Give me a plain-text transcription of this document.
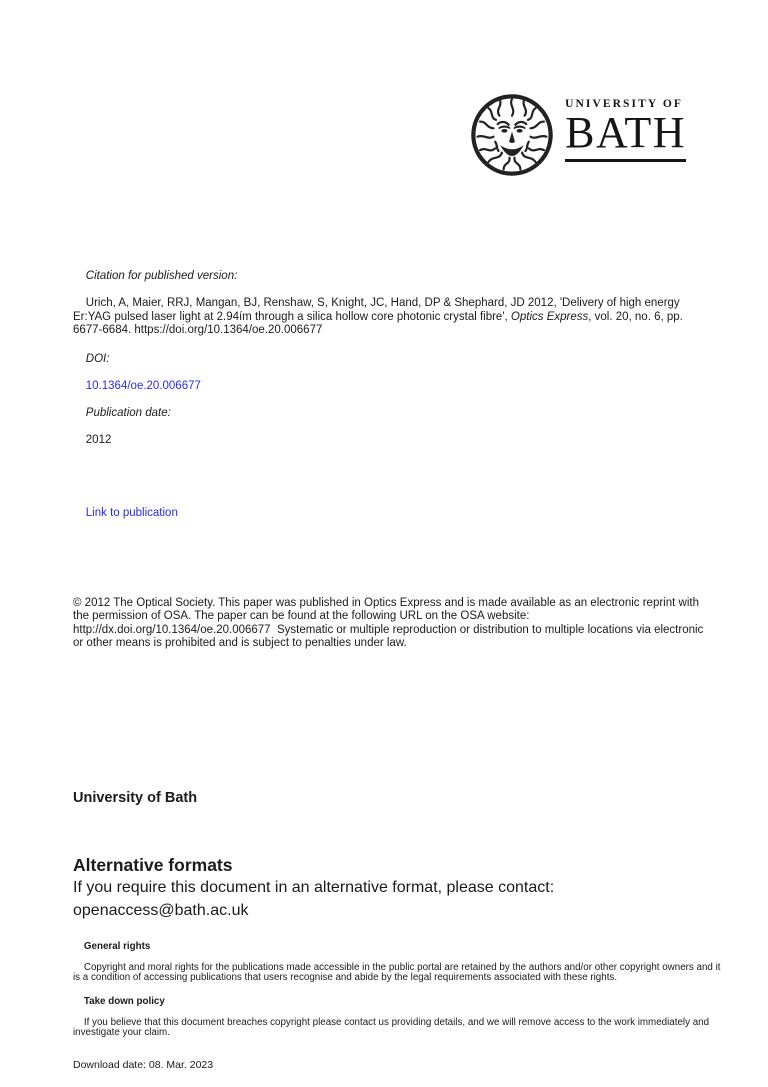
UNIVERSITY OF
BATH

Citation for published version:

Urich, A, Maier, RRJ, Mangan, BJ, Renshaw, S, Knight, JC, Hand, DP & Shephard, JD 2012, 'Delivery of high energy Er:YAG pulsed laser light at 2.94ím through a silica hollow core photonic crystal fibre', Optics Express, vol. 20, no. 6, pp. 6677-6684. https://doi.org/10.1364/oe.20.006677

DOI:

10.1364/oe.20.006677

Publication date:

2012

Link to publication

© 2012 The Optical Society. This paper was published in Optics Express and is made available as an electronic reprint with the permission of OSA. The paper can be found at the following URL on the OSA website: http://dx.doi.org/10.1364/oe.20.006677  Systematic or multiple reproduction or distribution to multiple locations via electronic or other means is prohibited and is subject to penalties under law.
University of Bath
Alternative formats
If you require this document in an alternative format, please contact:
openaccess@bath.ac.uk

General rights

Copyright and moral rights for the publications made accessible in the public portal are retained by the authors and/or other copyright owners and it is a condition of accessing publications that users recognise and abide by the legal requirements associated with these rights.

Take down policy

If you believe that this document breaches copyright please contact us providing details, and we will remove access to the work immediately and investigate your claim.

Download date: 08. Mar. 2023
